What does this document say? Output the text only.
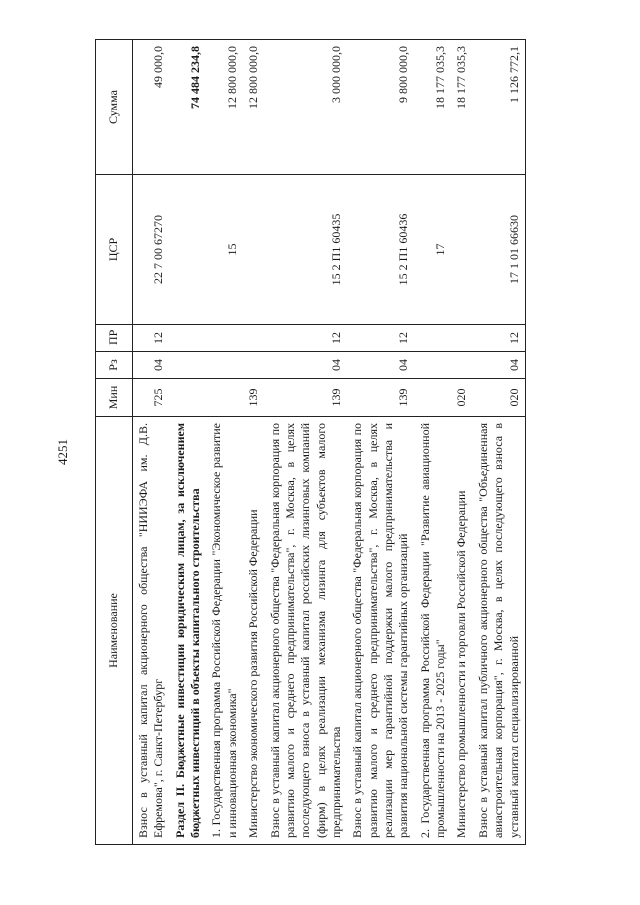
4251
Наименование	Мин	Рз	ПР	ЦСР	Сумма
Взнос в уставный капитал акционерного общества "НИИЭФА им. Д.В. Ефремова", г. Санкт-Петербург	725	04	12	22 7 00 67270	49 000,0
Раздел II. Бюджетные инвестиции юридическим лицам, за исключением бюджетных инвестиций в объекты капитального строительства					74 484 234,8
1. Государственная программа Российской Федерации "Экономическое развитие и инновационная экономика"				15	12 800 000,0
Министерство экономического развития Российской Федерации	139				12 800 000,0
Взнос в уставный капитал акционерного общества "Федеральная корпорация по развитию малого и среднего предпринимательства", г. Москва, в целях последующего взноса в уставный капитал российских лизинговых компаний (фирм) в целях реализации механизма лизинга для субъектов малого предпринимательства	139	04	12	15 2 П1 60435	3 000 000,0
Взнос в уставный капитал акционерного общества "Федеральная корпорация по развитию малого и среднего предпринимательства", г. Москва, в целях реализации мер гарантийной поддержки малого предпринимательства и развития национальной системы гарантийных организаций	139	04	12	15 2 П1 60436	9 800 000,0
2. Государственная программа Российской Федерации "Развитие авиационной промышленности на 2013 - 2025 годы"				17	18 177 035,3
Министерство промышленности и торговли Российской Федерации	020				18 177 035,3
Взнос в уставный капитал публичного акционерного общества "Объединенная авиастроительная корпорация", г. Москва, в целях последующего взноса в уставный капитал специализированной	020	04	12	17 1 01 66630	1 126 772,1
